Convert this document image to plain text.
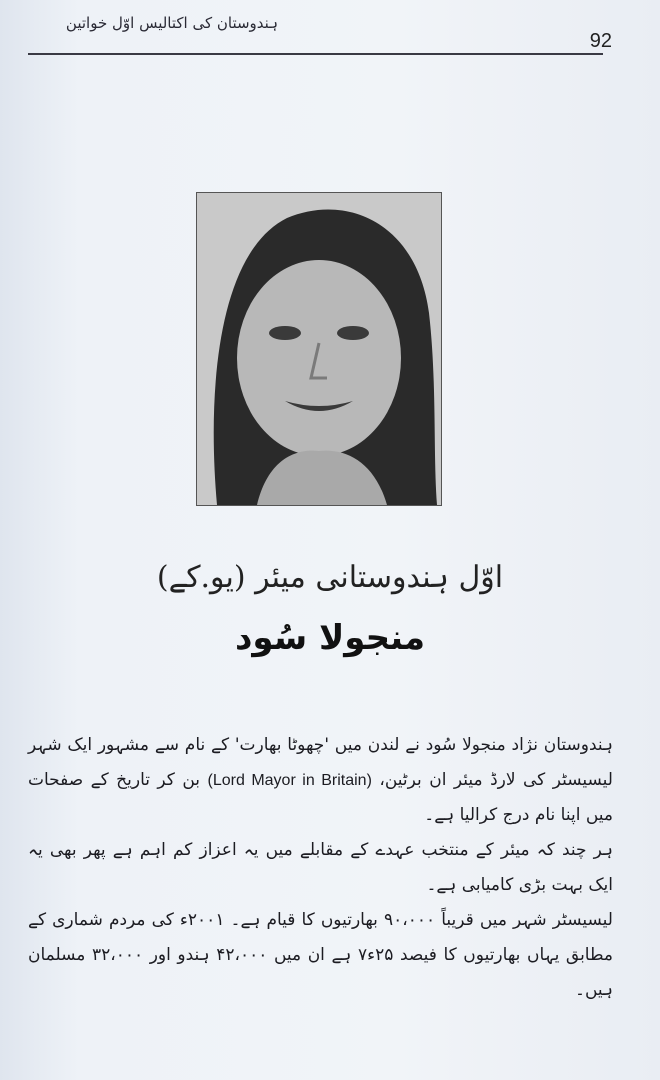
ہندوستان کی اکتالیس اوّل خواتین
92
اوّل ہندوستانی میئر (یو.کے)
منجولا سُود

ہندوستان نژاد منجولا سُود نے لندن میں 'چھوٹا بھارت' کے نام سے مشہور ایک شہر لیسیسٹر کی لارڈ میئر ان برٹین، (Lord Mayor in Britain) بن کر تاریخ کے صفحات میں اپنا نام درج کرالیا ہے۔

ہر چند کہ میئر کے منتخب عہدے کے مقابلے میں یہ اعزاز کم اہم ہے پھر بھی یہ ایک بہت بڑی کامیابی ہے۔

لیسیسٹر شہر میں قریباً ۹۰،۰۰۰ بھارتیوں کا قیام ہے۔ ۲۰۰۱ء کی مردم شماری کے مطابق یہاں بھارتیوں کا فیصد ۲۵ء۷ ہے ان میں ۴۲،۰۰۰ ہندو اور ۳۲،۰۰۰ مسلمان ہیں۔
